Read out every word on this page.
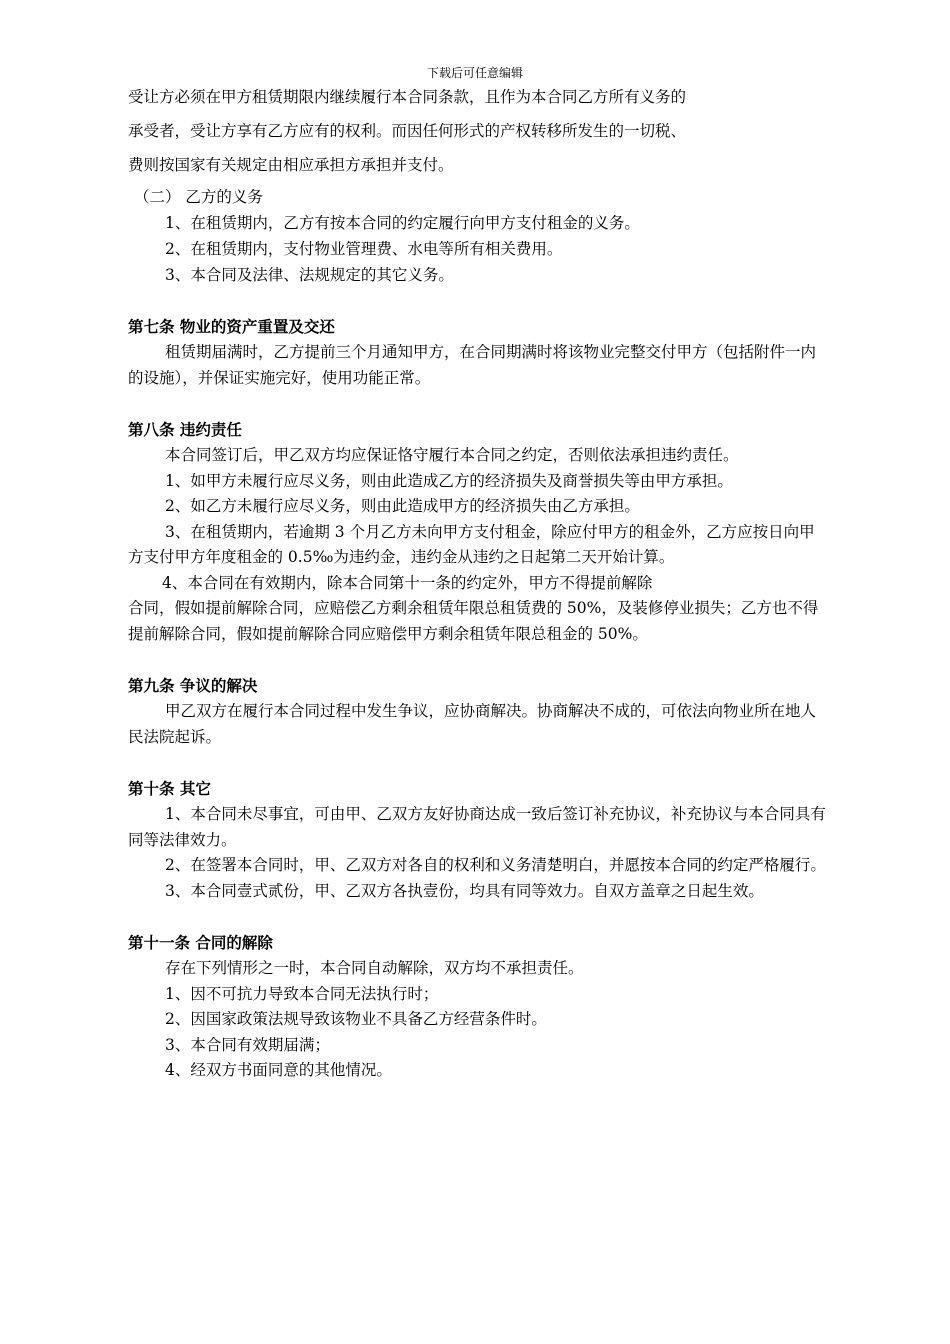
下载后可任意编辑

受让方必须在甲方租赁期限内继续履行本合同条款，且作为本合同乙方所有义务的

承受者，受让方享有乙方应有的权利。而因任何形式的产权转移所发生的一切税、

费则按国家有关规定由相应承担方承担并支付。

（二） 乙方的义务

1、在租赁期内，乙方有按本合同的约定履行向甲方支付租金的义务。

2、在租赁期内，支付物业管理费、水电等所有相关费用。

3、本合同及法律、法规规定的其它义务。

第七条 物业的资产重置及交还

租赁期届满时，乙方提前三个月通知甲方，在合同期满时将该物业完整交付甲方（包括附件一内的设施），并保证实施完好，使用功能正常。

第八条 违约责任

本合同签订后，甲乙双方均应保证恪守履行本合同之约定，否则依法承担违约责任。

1、如甲方未履行应尽义务，则由此造成乙方的经济损失及商誉损失等由甲方承担。

2、如乙方未履行应尽义务，则由此造成甲方的经济损失由乙方承担。

3、在租赁期内，若逾期 3 个月乙方未向甲方支付租金，除应付甲方的租金外，乙方应按日向甲方支付甲方年度租金的 0.5‰为违约金，违约金从违约之日起第二天开始计算。

4、本合同在有效期内，除本合同第十一条的约定外，甲方不得提前解除

合同，假如提前解除合同，应赔偿乙方剩余租赁年限总租赁费的 50%，及装修停业损失；乙方也不得提前解除合同，假如提前解除合同应赔偿甲方剩余租赁年限总租金的 50%。

第九条 争议的解决

甲乙双方在履行本合同过程中发生争议，应协商解决。协商解决不成的，可依法向物业所在地人民法院起诉。

第十条 其它

1、本合同未尽事宜，可由甲、乙双方友好协商达成一致后签订补充协议，补充协议与本合同具有同等法律效力。

2、在签署本合同时，甲、乙双方对各自的权利和义务清楚明白，并愿按本合同的约定严格履行。

3、本合同壹式贰份，甲、乙双方各执壹份，均具有同等效力。自双方盖章之日起生效。

第十一条 合同的解除

存在下列情形之一时，本合同自动解除，双方均不承担责任。

1、因不可抗力导致本合同无法执行时；

2、因国家政策法规导致该物业不具备乙方经营条件时。

3、本合同有效期届满；

4、经双方书面同意的其他情况。
